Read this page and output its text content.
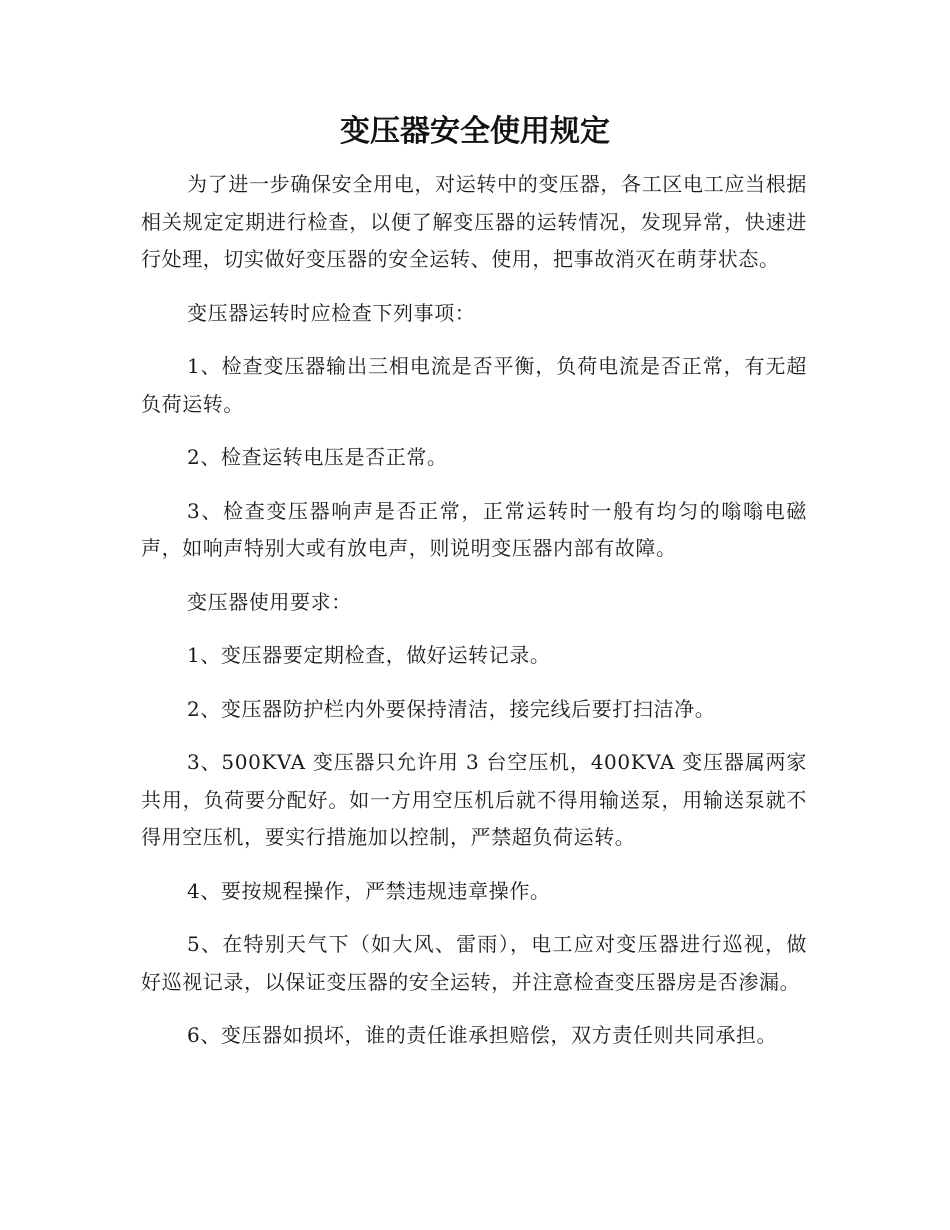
变压器安全使用规定

为了进一步确保安全用电，对运转中的变压器，各工区电工应当根据相关规定定期进行检查，以便了解变压器的运转情况，发现异常，快速进行处理，切实做好变压器的安全运转、使用，把事故消灭在萌芽状态。

变压器运转时应检查下列事项：

1、检查变压器输出三相电流是否平衡，负荷电流是否正常，有无超负荷运转。

2、检查运转电压是否正常。

3、检查变压器响声是否正常，正常运转时一般有均匀的嗡嗡电磁声，如响声特别大或有放电声，则说明变压器内部有故障。

变压器使用要求：

1、变压器要定期检查，做好运转记录。

2、变压器防护栏内外要保持清洁，接完线后要打扫洁净。

3、500KVA 变压器只允许用 3 台空压机，400KVA 变压器属两家共用，负荷要分配好。如一方用空压机后就不得用输送泵，用输送泵就不得用空压机，要实行措施加以控制，严禁超负荷运转。

4、要按规程操作，严禁违规违章操作。

5、在特别天气下（如大风、雷雨），电工应对变压器进行巡视，做好巡视记录，以保证变压器的安全运转，并注意检查变压器房是否渗漏。

6、变压器如损坏，谁的责任谁承担赔偿，双方责任则共同承担。
